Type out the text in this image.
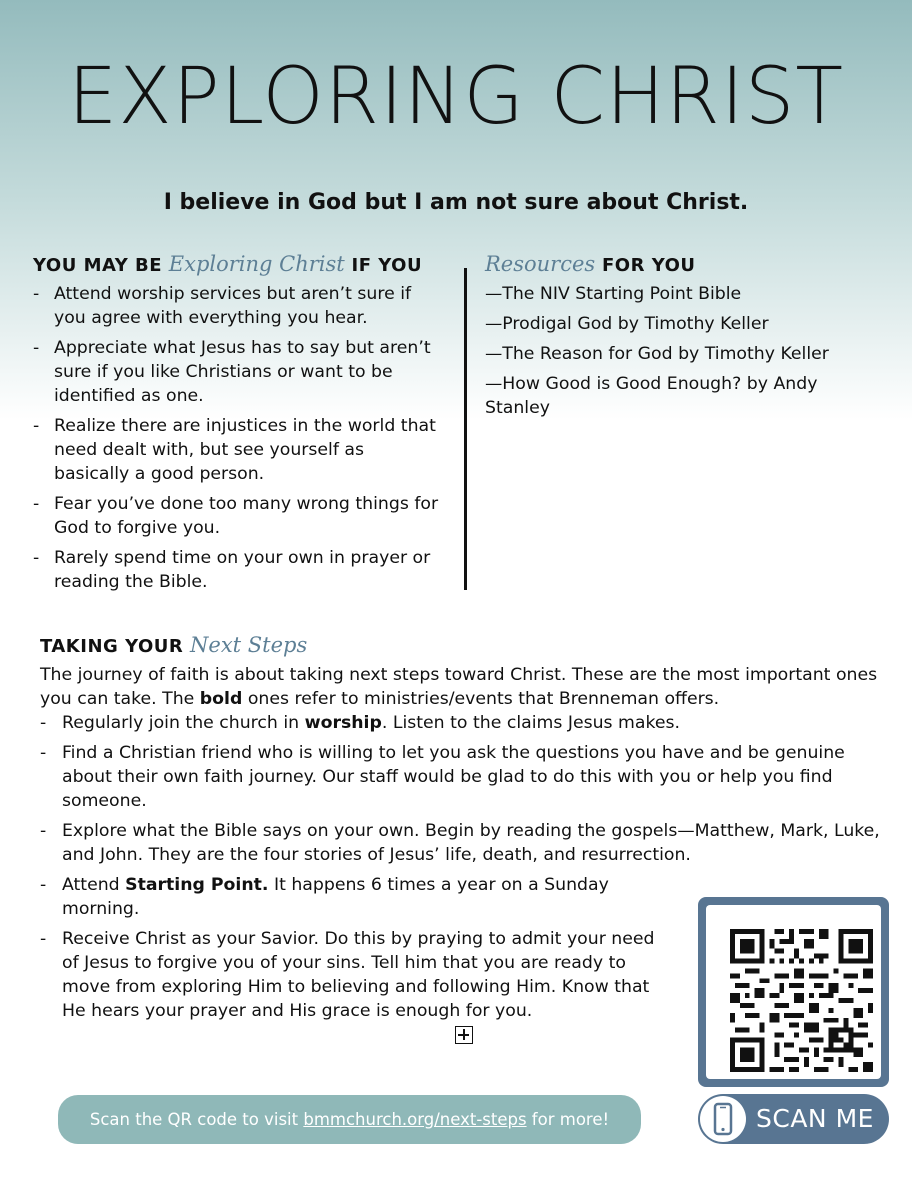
EXPLORING CHRIST

I believe in God but I am not sure about Christ.

YOU MAY BE Exploring Christ IF YOU
- Attend worship services but aren’t sure if you agree with everything you hear.
- Appreciate what Jesus has to say but aren’t sure if you like Christians or want to be identified as one.
- Realize there are injustices in the world that need dealt with, but see yourself as basically a good person.
- Fear you’ve done too many wrong things for God to forgive you.
- Rarely spend time on your own in prayer or reading the Bible.
Resources FOR YOU
—The NIV Starting Point Bible
—Prodigal God by Timothy Keller
—The Reason for God by Timothy Keller
—How Good is Good Enough? by Andy Stanley
TAKING YOUR Next Steps

The journey of faith is about taking next steps toward Christ. These are the most important ones you can take. The bold ones refer to ministries/events that Brenneman offers.

- Regularly join the church in worship. Listen to the claims Jesus makes.
- Find a Christian friend who is willing to let you ask the questions you have and be genuine about their own faith journey. Our staff would be glad to do this with you or help you find someone.
- Explore what the Bible says on your own. Begin by reading the gospels—Matthew, Mark, Luke, and John. They are the four stories of Jesus’ life, death, and resurrection.
- Attend Starting Point. It happens 6 times a year on a Sunday morning.
- Receive Christ as your Savior. Do this by praying to admit your need of Jesus to forgive you of your sins. Tell him that you are ready to move from exploring Him to believing and following Him. Know that He hears your prayer and His grace is enough for you.
SCAN ME
Scan the QR code to visit bmmchurch.org/next-steps for more!
